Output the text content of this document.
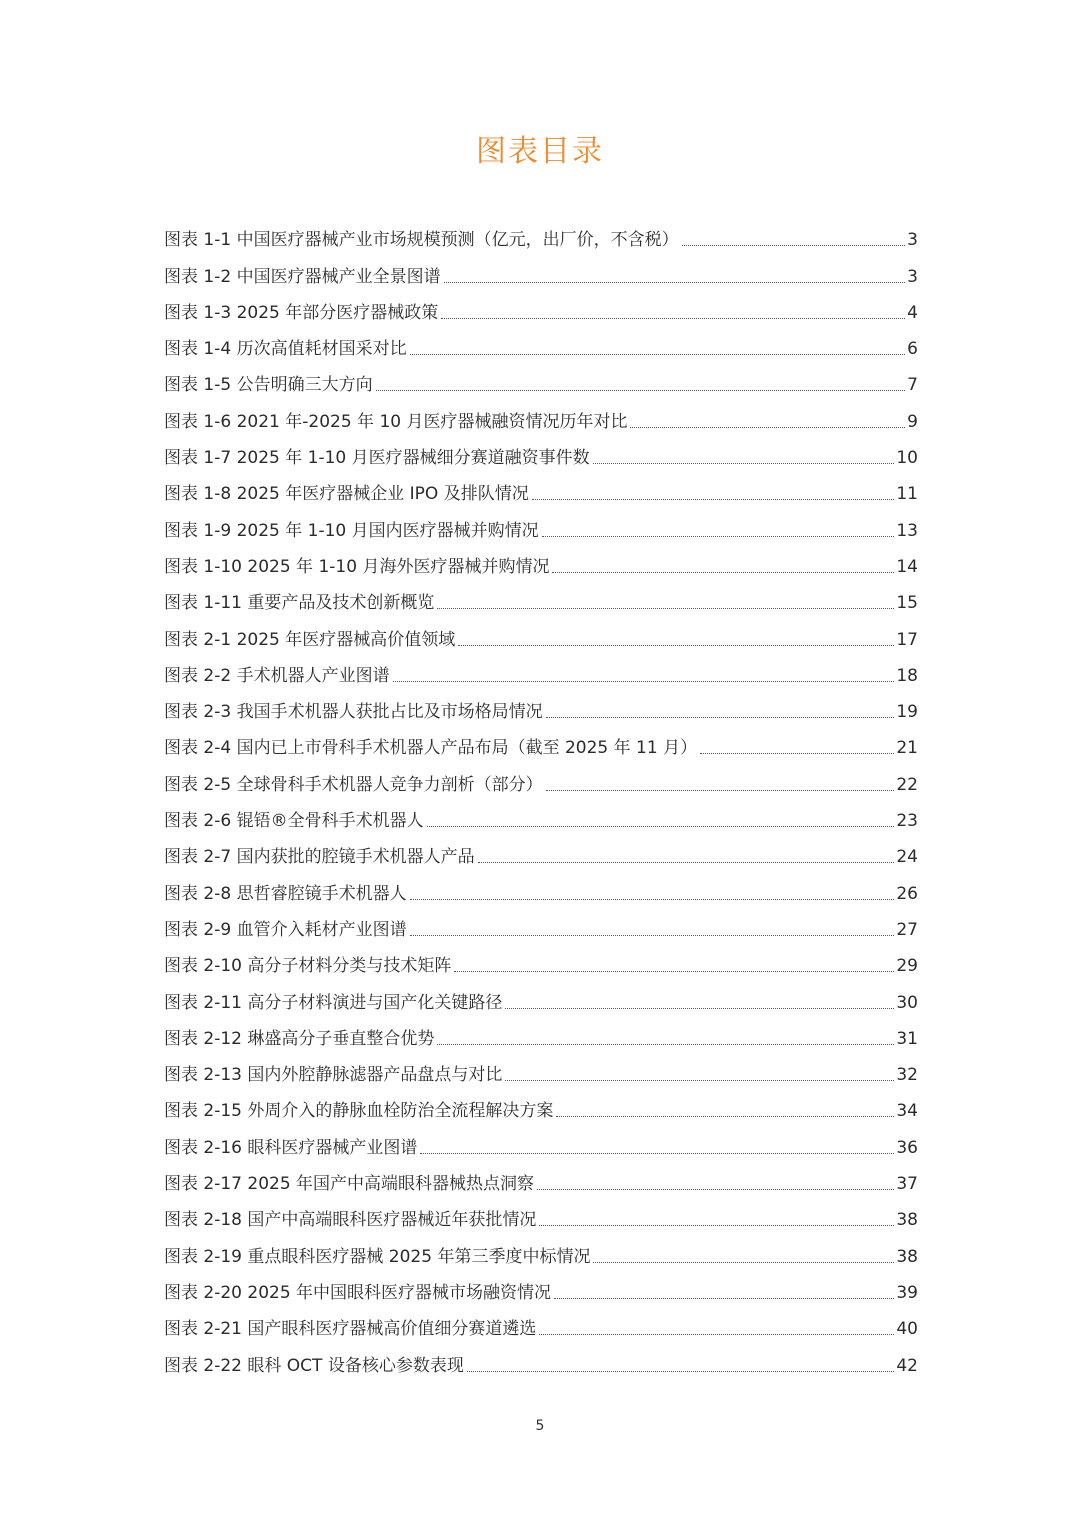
图表目录
图表 1-1 中国医疗器械产业市场规模预测（亿元，出厂价，不含税）	3
图表 1-2 中国医疗器械产业全景图谱	3
图表 1-3 2025 年部分医疗器械政策	4
图表 1-4 历次高值耗材国采对比	6
图表 1-5 公告明确三大方向	7
图表 1-6 2021 年-2025 年 10 月医疗器械融资情况历年对比	9
图表 1-7 2025 年 1-10 月医疗器械细分赛道融资事件数	10
图表 1-8 2025 年医疗器械企业 IPO 及排队情况	11
图表 1-9 2025 年 1-10 月国内医疗器械并购情况	13
图表 1-10 2025 年 1-10 月海外医疗器械并购情况	14
图表 1-11 重要产品及技术创新概览	15
图表 2-1 2025 年医疗器械高价值领域	17
图表 2-2 手术机器人产业图谱	18
图表 2-3 我国手术机器人获批占比及市场格局情况	19
图表 2-4 国内已上市骨科手术机器人产品布局（截至 2025 年 11 月）	21
图表 2-5 全球骨科手术机器人竞争力剖析（部分）	22
图表 2-6 锟铻®全骨科手术机器人	23
图表 2-7 国内获批的腔镜手术机器人产品	24
图表 2-8 思哲睿腔镜手术机器人	26
图表 2-9 血管介入耗材产业图谱	27
图表 2-10 高分子材料分类与技术矩阵	29
图表 2-11 高分子材料演进与国产化关键路径	30
图表 2-12 琳盛高分子垂直整合优势	31
图表 2-13 国内外腔静脉滤器产品盘点与对比	32
图表 2-15 外周介入的静脉血栓防治全流程解决方案	34
图表 2-16 眼科医疗器械产业图谱	36
图表 2-17 2025 年国产中高端眼科器械热点洞察	37
图表 2-18 国产中高端眼科医疗器械近年获批情况	38
图表 2-19 重点眼科医疗器械 2025 年第三季度中标情况	38
图表 2-20 2025 年中国眼科医疗器械市场融资情况	39
图表 2-21 国产眼科医疗器械高价值细分赛道遴选	40
图表 2-22 眼科 OCT 设备核心参数表现	42
5
